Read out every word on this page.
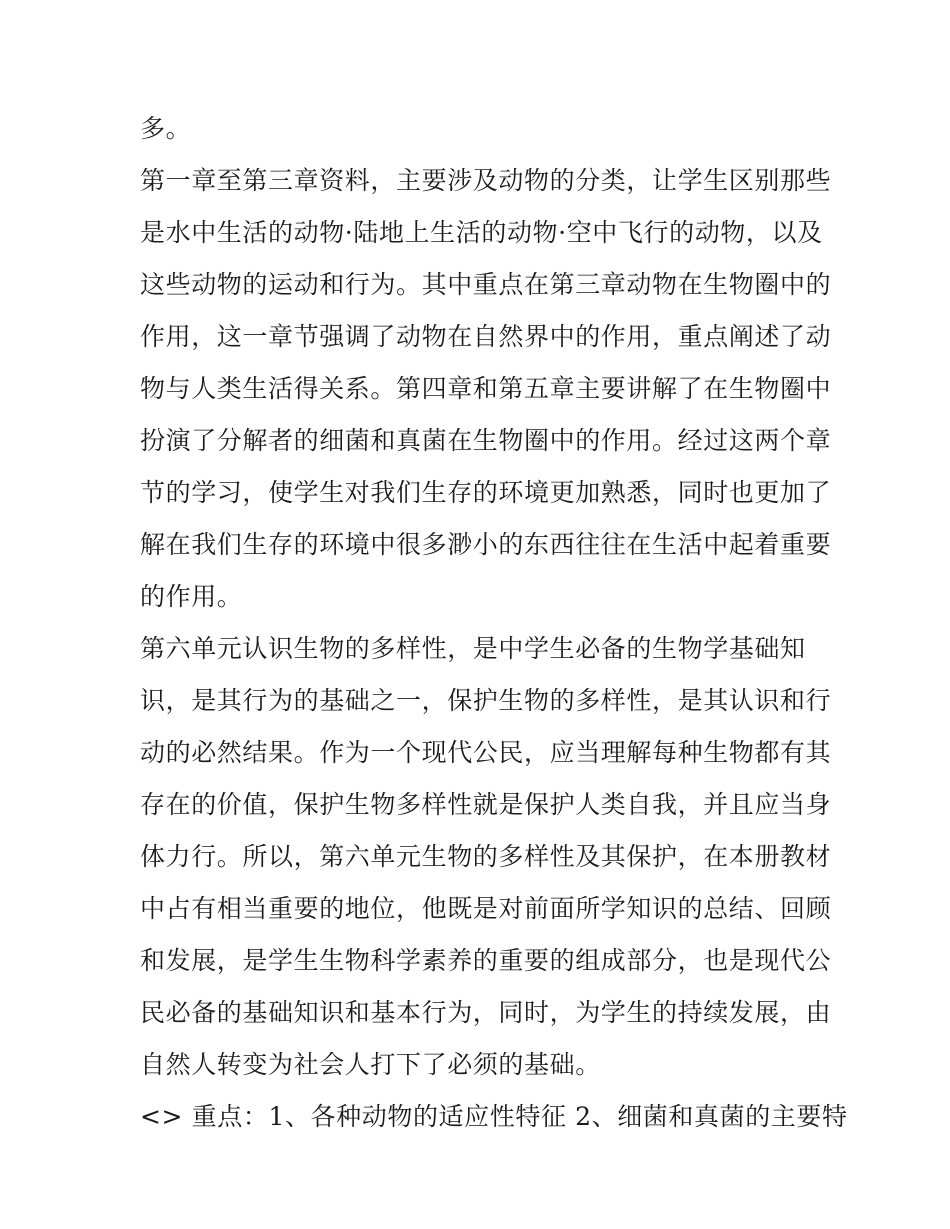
多。
第一章至第三章资料，主要涉及动物的分类，让学生区别那些
是水中生活的动物·陆地上生活的动物·空中飞行的动物，以及
这些动物的运动和行为。其中重点在第三章动物在生物圈中的
作用，这一章节强调了动物在自然界中的作用，重点阐述了动
物与人类生活得关系。第四章和第五章主要讲解了在生物圈中
扮演了分解者的细菌和真菌在生物圈中的作用。经过这两个章
节的学习，使学生对我们生存的环境更加熟悉，同时也更加了
解在我们生存的环境中很多渺小的东西往往在生活中起着重要
的作用。
第六单元认识生物的多样性，是中学生必备的生物学基础知
识，是其行为的基础之一，保护生物的多样性，是其认识和行
动的必然结果。作为一个现代公民，应当理解每种生物都有其
存在的价值，保护生物多样性就是保护人类自我，并且应当身
体力行。所以，第六单元生物的多样性及其保护，在本册教材
中占有相当重要的地位，他既是对前面所学知识的总结、回顾
和发展，是学生生物科学素养的重要的组成部分，也是现代公
民必备的基础知识和基本行为，同时，为学生的持续发展，由
自然人转变为社会人打下了必须的基础。
<> 重点：1、各种动物的适应性特征 2、细菌和真菌的主要特
